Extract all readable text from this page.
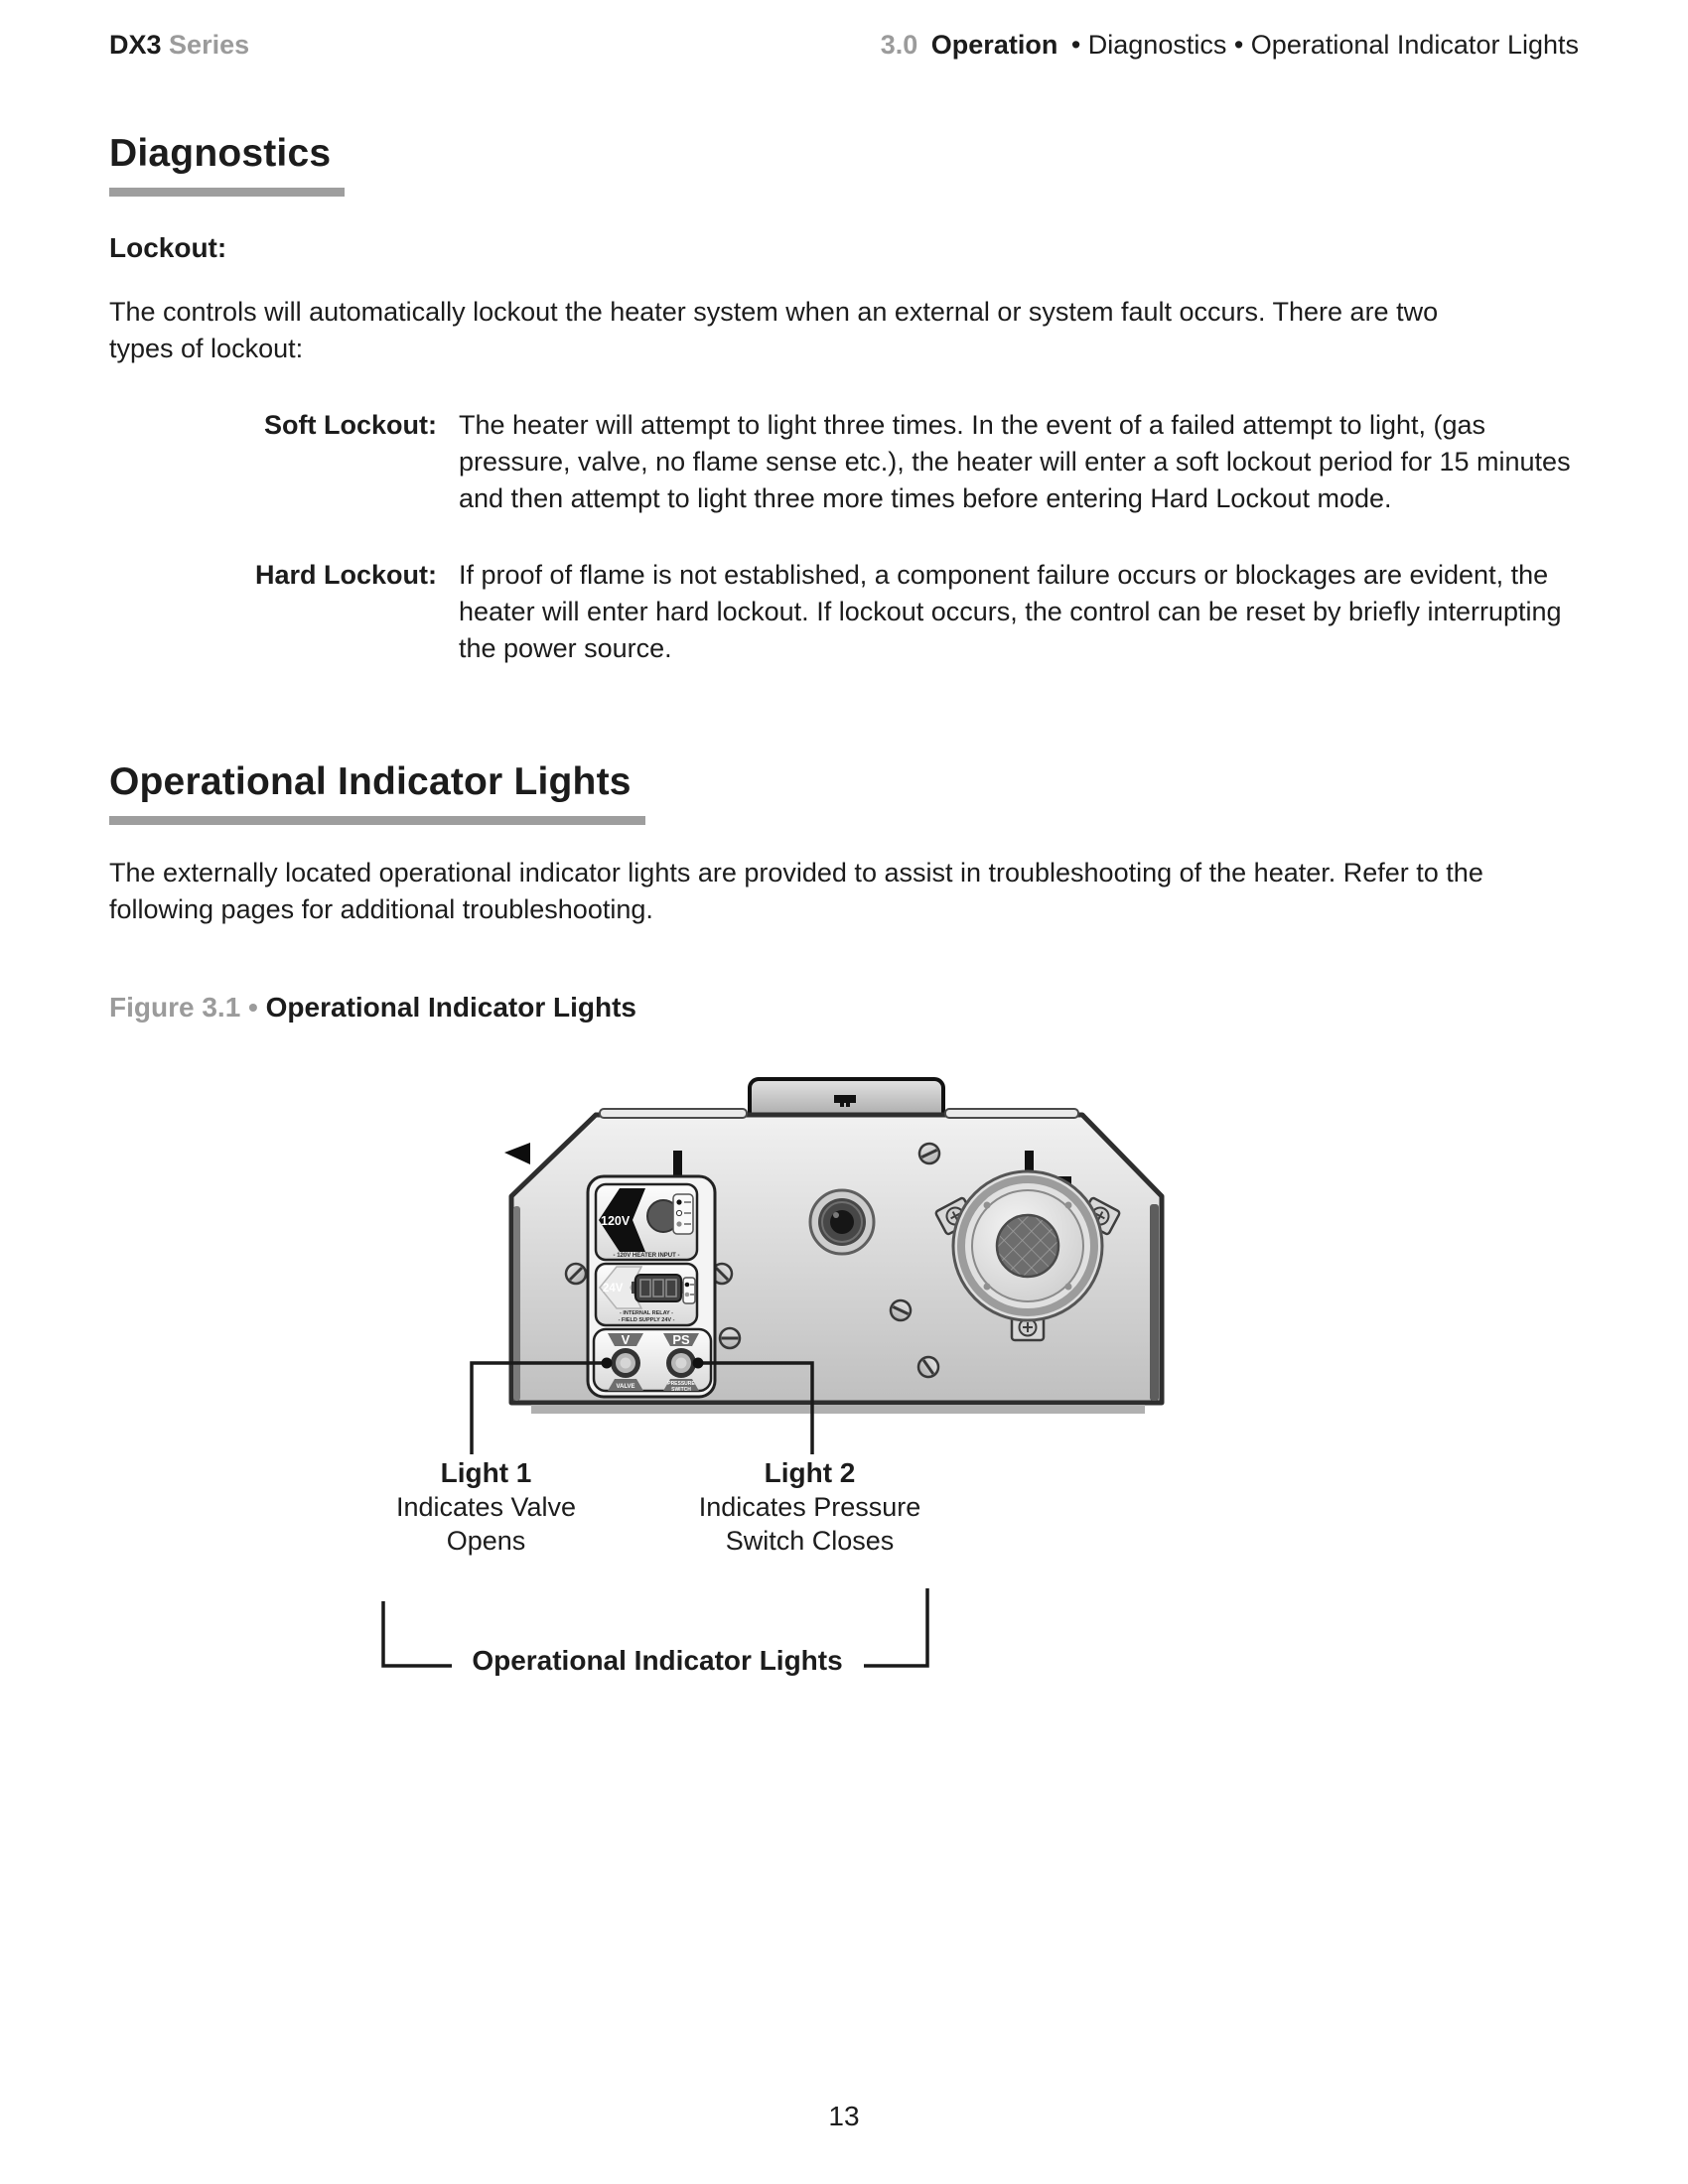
DX3 Series	3.0 Operation • Diagnostics • Operational Indicator Lights
Diagnostics
Lockout:

The controls will automatically lockout the heater system when an external or system fault occurs. There are two types of lockout:

Soft Lockout: The heater will attempt to light three times. In the event of a failed attempt to light, (gas pressure, valve, no flame sense etc.), the heater will enter a soft lockout period for 15 minutes and then attempt to light three more times before entering Hard Lockout mode.
Hard Lockout: If proof of flame is not established, a component failure occurs or blockages are evident, the heater will enter hard lockout. If lockout occurs, the control can be reset by briefly interrupting the power source.
Operational Indicator Lights

The externally located operational indicator lights are provided to assist in troubleshooting of the heater. Refer to the following pages for additional troubleshooting.

Figure 3.1 • Operational Indicator Lights
120V
- 120V HEATER INPUT -
24V
- INTERNAL RELAY -
- FIELD SUPPLY 24V -
V	PS
VALVE	PRESSURE
SWITCH
Light 1
Indicates Valve Opens
Light 2
Indicates Pressure Switch Closes
Operational Indicator Lights
13
